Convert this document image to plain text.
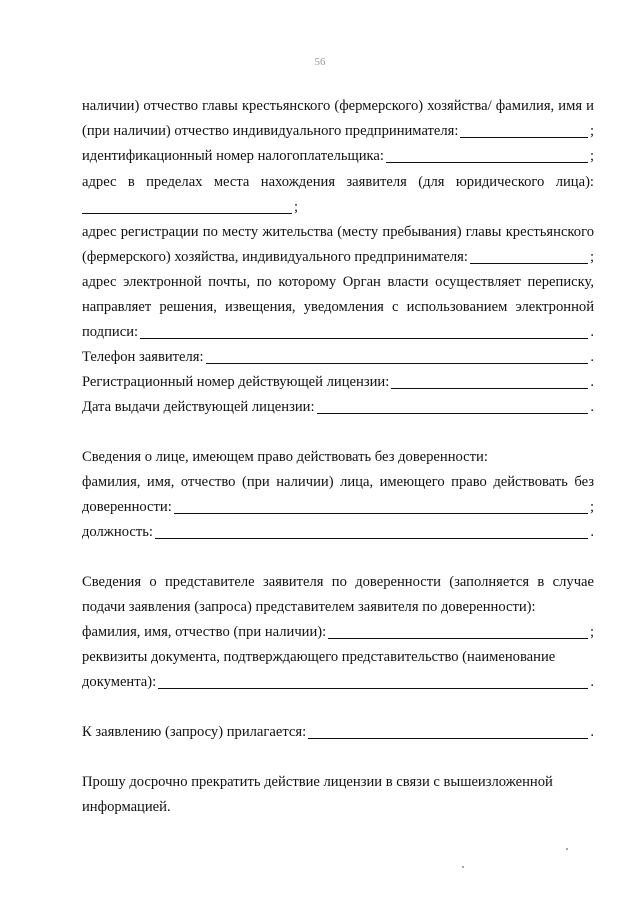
56
наличии) отчество главы крестьянского (фермерского) хозяйства/ фамилия, имя и
(при наличии) отчество индивидуального предпринимателя:	;
идентификационный номер налогоплательщика:	;
адрес в пределах места нахождения заявителя (для юридического лица):
;
адрес регистрации по месту жительства (месту пребывания) главы крестьянского
(фермерского) хозяйства, индивидуального предпринимателя:	;
адрес электронной почты, по которому Орган власти осуществляет переписку,
направляет решения, извещения, уведомления с использованием электронной
подписи:	.
Телефон заявителя:	.
Регистрационный номер действующей лицензии:	.
Дата выдачи действующей лицензии:	.
Сведения о лице, имеющем право действовать без доверенности:
фамилия, имя, отчество (при наличии) лица, имеющего право действовать без
доверенности:	;
должность:	.
Сведения о представителе заявителя по доверенности (заполняется в случае
подачи заявления (запроса) представителем заявителя по доверенности):
фамилия, имя, отчество (при наличии):	;
реквизиты документа, подтверждающего представительство (наименование
документа):	.
К заявлению (запросу) прилагается:	.
Прошу досрочно прекратить действие лицензии в связи с вышеизложенной
информацией.
